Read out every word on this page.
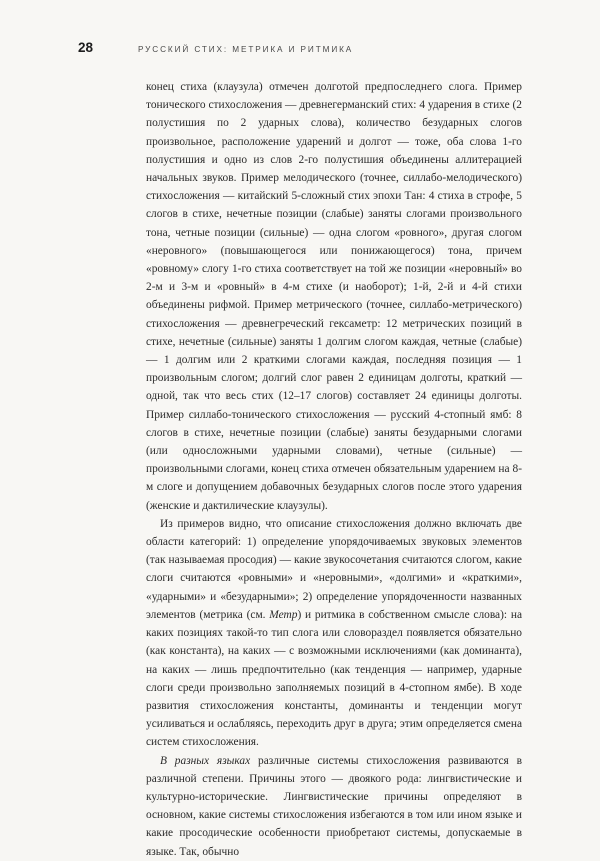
28	РУССКИЙ СТИХ: МЕТРИКА И РИТМИКА

конец стиха (клаузула) отмечен долготой предпоследнего слога. Пример тонического стихосложения — древнегерманский стих: 4 ударения в стихе (2 полустишия по 2 ударных слова), количество безударных слогов произвольное, расположение ударений и долгот — тоже, оба слова 1-го полустишия и одно из слов 2-го полустишия объединены аллитерацией начальных звуков. Пример мелодического (точнее, силлабо-мелодического) стихосложения — китайский 5-сложный стих эпохи Тан: 4 стиха в строфе, 5 слогов в стихе, нечетные позиции (слабые) заняты слогами произвольного тона, четные позиции (сильные) — одна слогом «ровного», другая слогом «неровного» (повышающегося или понижающегося) тона, причем «ровному» слогу 1-го стиха соответствует на той же позиции «неровный» во 2-м и 3-м и «ровный» в 4-м стихе (и наоборот); 1-й, 2-й и 4-й стихи объединены рифмой. Пример метрического (точнее, силлабо-метрического) стихосложения — древнегреческий гексаметр: 12 метрических позиций в стихе, нечетные (сильные) заняты 1 долгим слогом каждая, четные (слабые) — 1 долгим или 2 краткими слогами каждая, последняя позиция — 1 произвольным слогом; долгий слог равен 2 единицам долготы, краткий — одной, так что весь стих (12–17 слогов) составляет 24 единицы долготы. Пример силлабо-тонического стихосложения — русский 4-стопный ямб: 8 слогов в стихе, нечетные позиции (слабые) заняты безударными слогами (или односложными ударными словами), четные (сильные) — произвольными слогами, конец стиха отмечен обязательным ударением на 8-м слоге и допущением добавочных безударных слогов после этого ударения (женские и дактилические клаузулы).

Из примеров видно, что описание стихосложения должно включать две области категорий: 1) определение упорядочиваемых звуковых элементов (так называемая просодия) — какие звукосочетания считаются слогом, какие слоги считаются «ровными» и «неровными», «долгими» и «краткими», «ударными» и «безударными»; 2) определение упорядоченности названных элементов (метрика (см. Метр) и ритмика в собственном смысле слова): на каких позициях такой-то тип слога или словораздел появляется обязательно (как константа), на каких — с возможными исключениями (как доминанта), на каких — лишь предпочтительно (как тенденция — например, ударные слоги среди произвольно заполняемых позиций в 4-стопном ямбе). В ходе развития стихосложения константы, доминанты и тенденции могут усиливаться и ослабляясь, переходить друг в друга; этим определяется смена систем стихосложения.

В разных языках различные системы стихосложения развиваются в различной степени. Причины этого — двоякого рода: лингвистические и культурно-исторические. Лингвистические причины определяют в основном, какие системы стихосложения избегаются в том или ином языке и какие просодические особенности приобретают системы, допускаемые в языке. Так, обычно
